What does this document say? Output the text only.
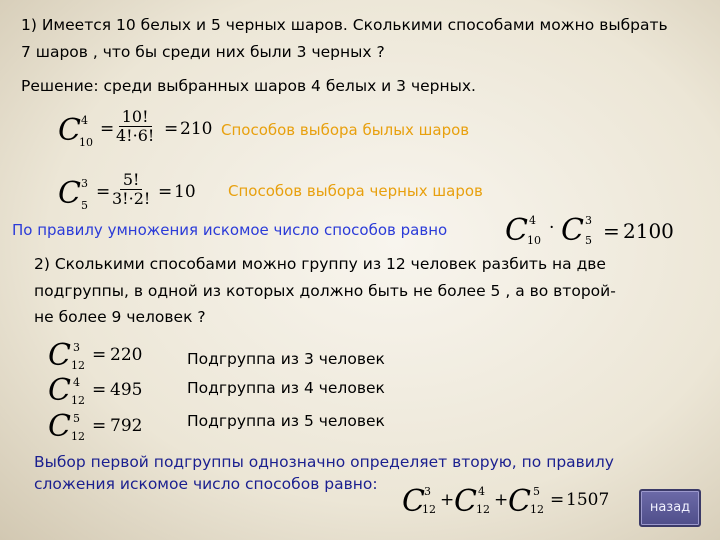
1) Имеется 10 белых и 5 черных шаров. Сколькими способами можно выбрать
7 шаров , что бы среди них были 3 черных ?
Решение: среди выбранных шаров 4 белых и 3 черных.
C 4
10
= $\frac{10!}{4!\cdot 6!} = 210$ Способов выбора былых шаров
C 3
5
= $\frac{5!}{3!\cdot 2!} = 10$ Способов выбора черных шаров
По правилу умножения искомое число способов равно C 4
10
· C 3
5 = 2100
2) Сколькими способами можно группу из 12 человек разбить на две
подгруппы, в одной из которых должно быть не более 5 , а во второй-
не более 9 человек ?
C 3
12
= 220	Подгруппа из 3 человек
C 4
12
= 495	Подгруппа из 4 человек
C 5
12
= 792	Подгруппа из 5 человек
Выбор первой подгруппы однозначно определяет вторую, по правилу
сложения искомое число способов равно: C 3
12 + C 4
12 + C 5
12 = 1507	назад
